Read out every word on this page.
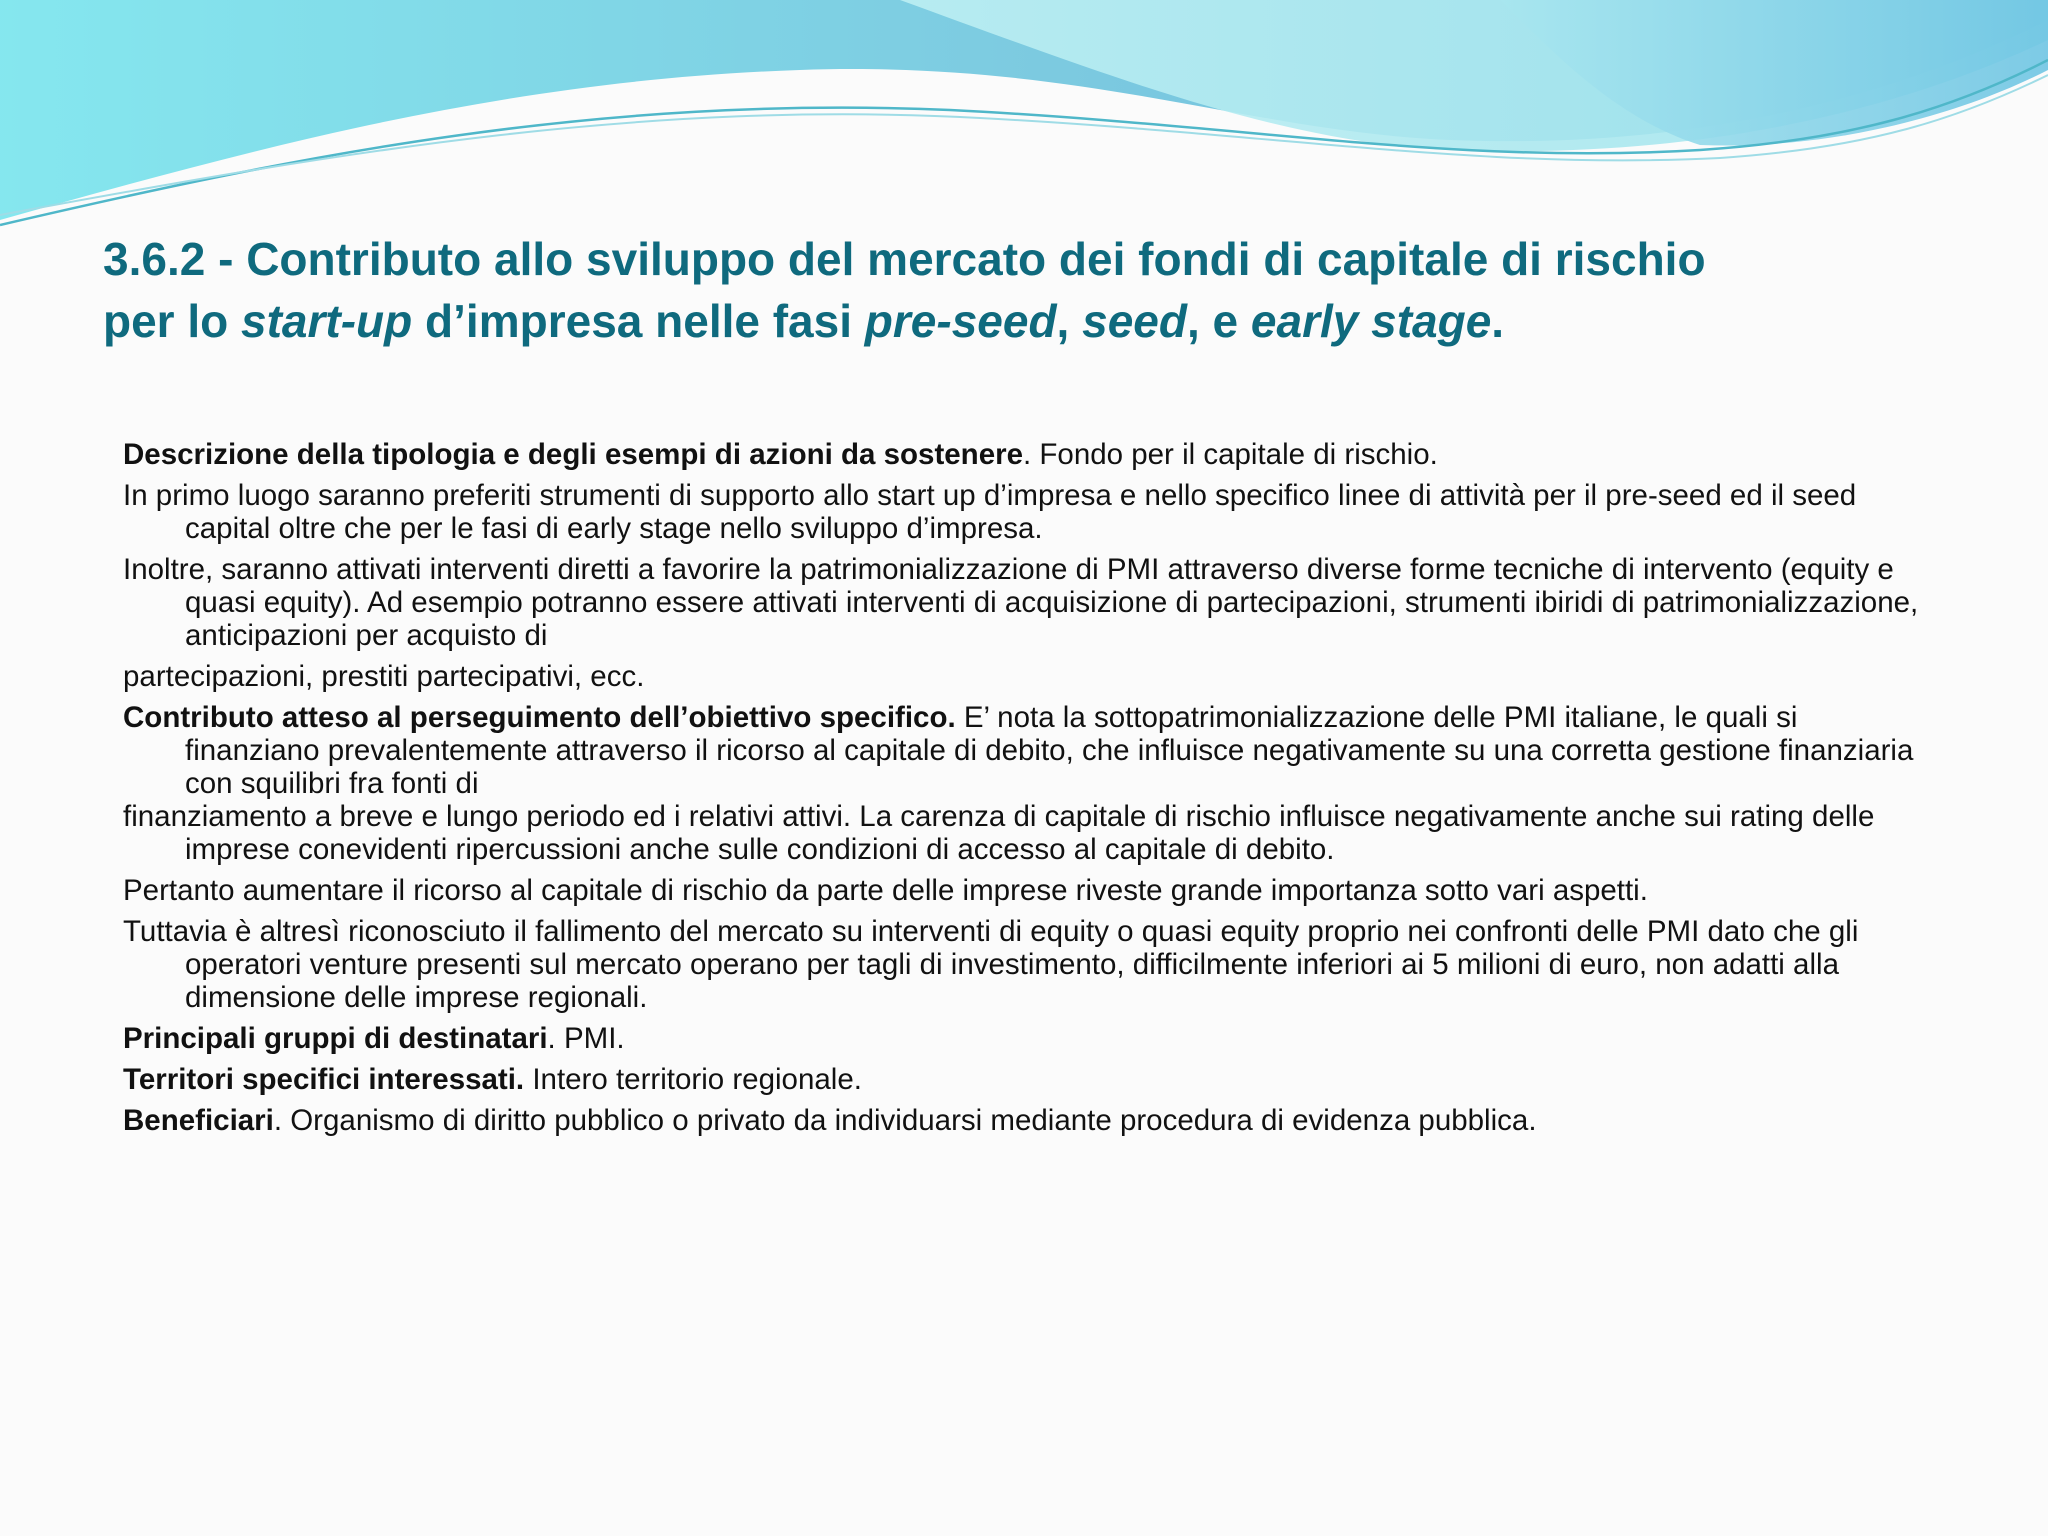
3.6.2 - Contributo allo sviluppo del mercato dei fondi di capitale di rischio
per lo start-up d’impresa nelle fasi pre-seed, seed, e early stage.

Descrizione della tipologia e degli esempi di azioni da sostenere. Fondo per il capitale di rischio.

In primo luogo saranno preferiti strumenti di supporto allo start up d’impresa e nello specifico linee di attività per il pre-seed ed il seed capital oltre che per le fasi di early stage nello sviluppo d’impresa.

Inoltre, saranno attivati interventi diretti a favorire la patrimonializzazione di PMI attraverso diverse forme tecniche di intervento (equity e quasi equity). Ad esempio potranno essere attivati interventi di acquisizione di partecipazioni, strumenti ibiridi di patrimonializzazione, anticipazioni per acquisto di

partecipazioni, prestiti partecipativi, ecc.

Contributo atteso al perseguimento dell’obiettivo specifico. E’ nota la sottopatrimonializzazione delle PMI italiane, le quali si finanziano prevalentemente attraverso il ricorso al capitale di debito, che influisce negativamente su una corretta gestione finanziaria con squilibri fra fonti di
finanziamento a breve e lungo periodo ed i relativi attivi. La carenza di capitale di rischio influisce negativamente anche sui rating delle imprese conevidenti ripercussioni anche sulle condizioni di accesso al capitale di debito.

Pertanto aumentare il ricorso al capitale di rischio da parte delle imprese riveste grande importanza sotto vari aspetti.

Tuttavia è altresì riconosciuto il fallimento del mercato su interventi di equity o quasi equity proprio nei confronti delle PMI dato che gli operatori venture presenti sul mercato operano per tagli di investimento, difficilmente inferiori ai 5 milioni di euro, non adatti alla dimensione delle imprese regionali.

Principali gruppi di destinatari. PMI.

Territori specifici interessati. Intero territorio regionale.

Beneficiari. Organismo di diritto pubblico o privato da individuarsi mediante procedura di evidenza pubblica.
